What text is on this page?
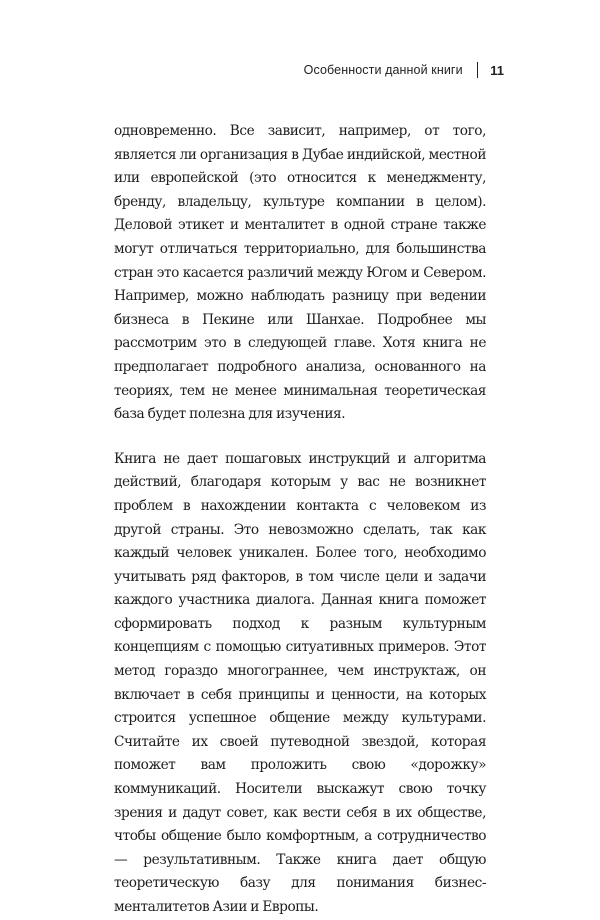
Особенности данной книги 11

одновременно. Все зависит, например, от того, является ли организация в Дубае индийской, местной или европейской (это относится к менеджменту, бренду, владельцу, культуре компании в целом). Деловой этикет и менталитет в одной стране также могут отличаться территориально, для большинства стран это касается различий между Югом и Севером. Например, можно наблюдать разницу при ведении бизнеса в Пекине или Шанхае. Подробнее мы рассмотрим это в следующей главе. Хотя книга не предполагает подробного анализа, основанного на теориях, тем не менее минимальная теоретическая база будет полезна для изучения.

Книга не дает пошаговых инструкций и алгоритма действий, благодаря которым у вас не возникнет проблем в нахождении контакта с человеком из другой страны. Это невозможно сделать, так как каждый человек уникален. Более того, необходимо учитывать ряд факторов, в том числе цели и задачи каждого участника диалога. Данная книга поможет сформировать подход к разным культурным концепциям с помощью ситуативных примеров. Этот метод гораздо многограннее, чем инструктаж, он включает в себя принципы и ценности, на которых строится успешное общение между культурами. Считайте их своей путеводной звездой, которая поможет вам проложить свою «дорожку» коммуникаций. Носители выскажут свою точку зрения и дадут совет, как вести себя в их обществе, чтобы общение было комфортным, а сотрудничество — результативным. Также книга дает общую теоретическую базу для понимания бизнес-менталитетов Азии и Европы.
